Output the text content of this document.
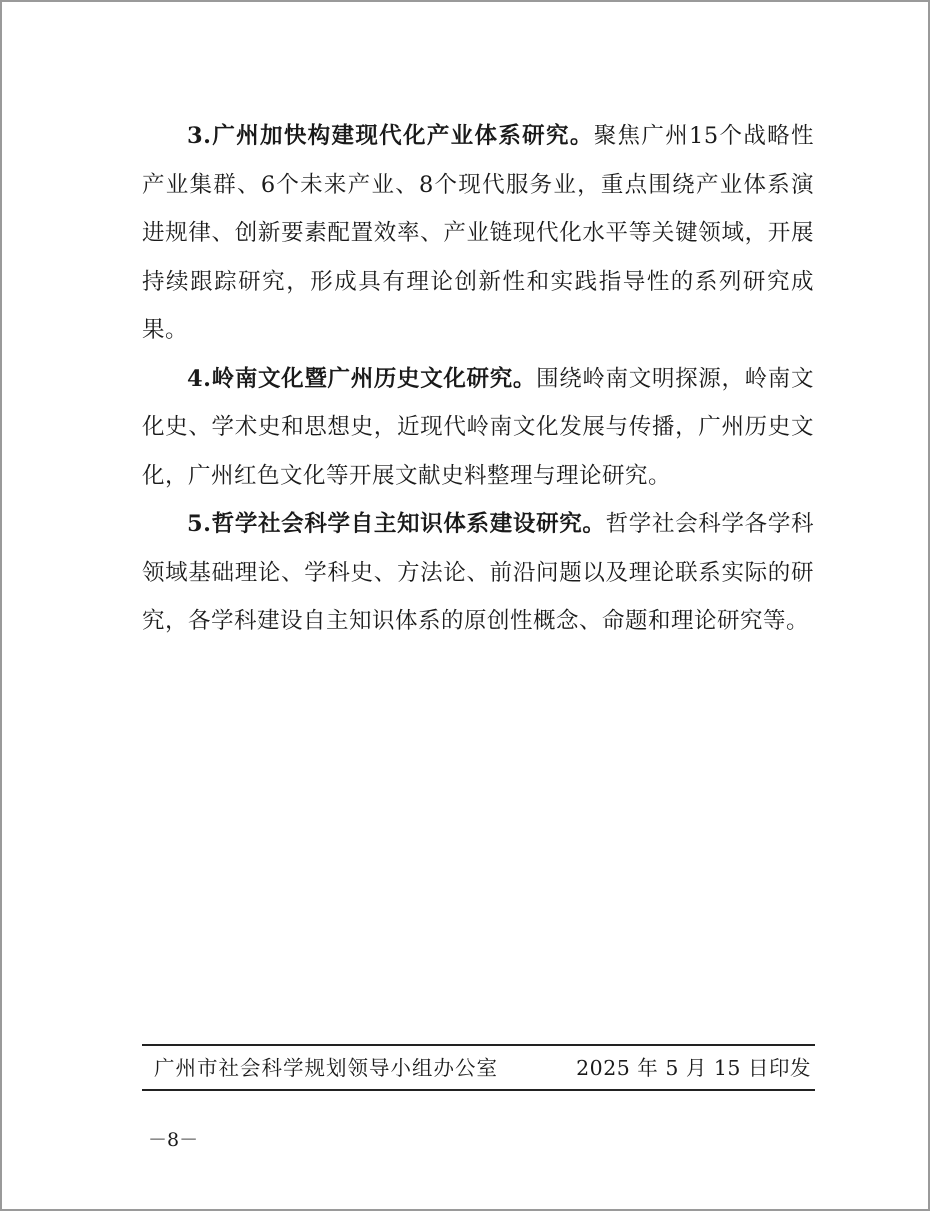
3.广州加快构建现代化产业体系研究。聚焦广州15个战略性产业集群、6个未来产业、8个现代服务业，重点围绕产业体系演进规律、创新要素配置效率、产业链现代化水平等关键领域，开展持续跟踪研究，形成具有理论创新性和实践指导性的系列研究成果。

4.岭南文化暨广州历史文化研究。围绕岭南文明探源，岭南文化史、学术史和思想史，近现代岭南文化发展与传播，广州历史文化，广州红色文化等开展文献史料整理与理论研究。

5.哲学社会科学自主知识体系建设研究。哲学社会科学各学科领域基础理论、学科史、方法论、前沿问题以及理论联系实际的研究，各学科建设自主知识体系的原创性概念、命题和理论研究等。

广州市社会科学规划领导小组办公室	2025 年 5 月 15 日印发
－8－
